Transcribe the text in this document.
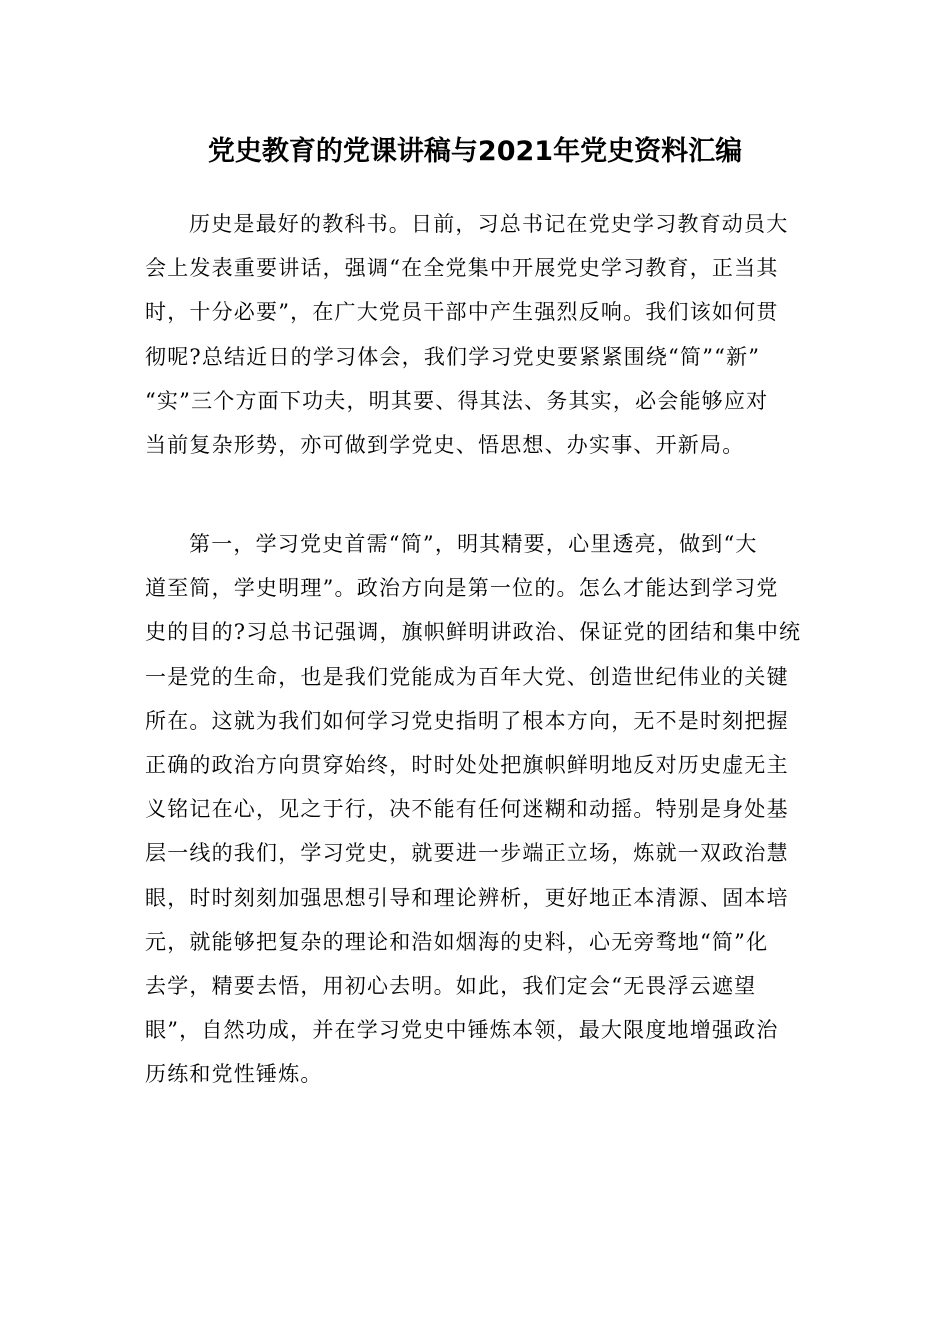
党史教育的党课讲稿与2021年党史资料汇编
历史是最好的教科书。日前，习总书记在党史学习教育动员大
会上发表重要讲话，强调“在全党集中开展党史学习教育，正当其
时，十分必要”，在广大党员干部中产生强烈反响。我们该如何贯
彻呢?总结近日的学习体会，我们学习党史要紧紧围绕“简”“新”
“实”三个方面下功夫，明其要、得其法、务其实，必会能够应对
当前复杂形势，亦可做到学党史、悟思想、办实事、开新局。
第一，学习党史首需“简”，明其精要，心里透亮，做到“大
道至简，学史明理”。政治方向是第一位的。怎么才能达到学习党
史的目的?习总书记强调，旗帜鲜明讲政治、保证党的团结和集中统
一是党的生命，也是我们党能成为百年大党、创造世纪伟业的关键
所在。这就为我们如何学习党史指明了根本方向，无不是时刻把握
正确的政治方向贯穿始终，时时处处把旗帜鲜明地反对历史虚无主
义铭记在心，见之于行，决不能有任何迷糊和动摇。特别是身处基
层一线的我们，学习党史，就要进一步端正立场，炼就一双政治慧
眼，时时刻刻加强思想引导和理论辨析，更好地正本清源、固本培
元，就能够把复杂的理论和浩如烟海的史料，心无旁骛地“简”化
去学，精要去悟，用初心去明。如此，我们定会“无畏浮云遮望
眼”，自然功成，并在学习党史中锤炼本领，最大限度地增强政治
历练和党性锤炼。
